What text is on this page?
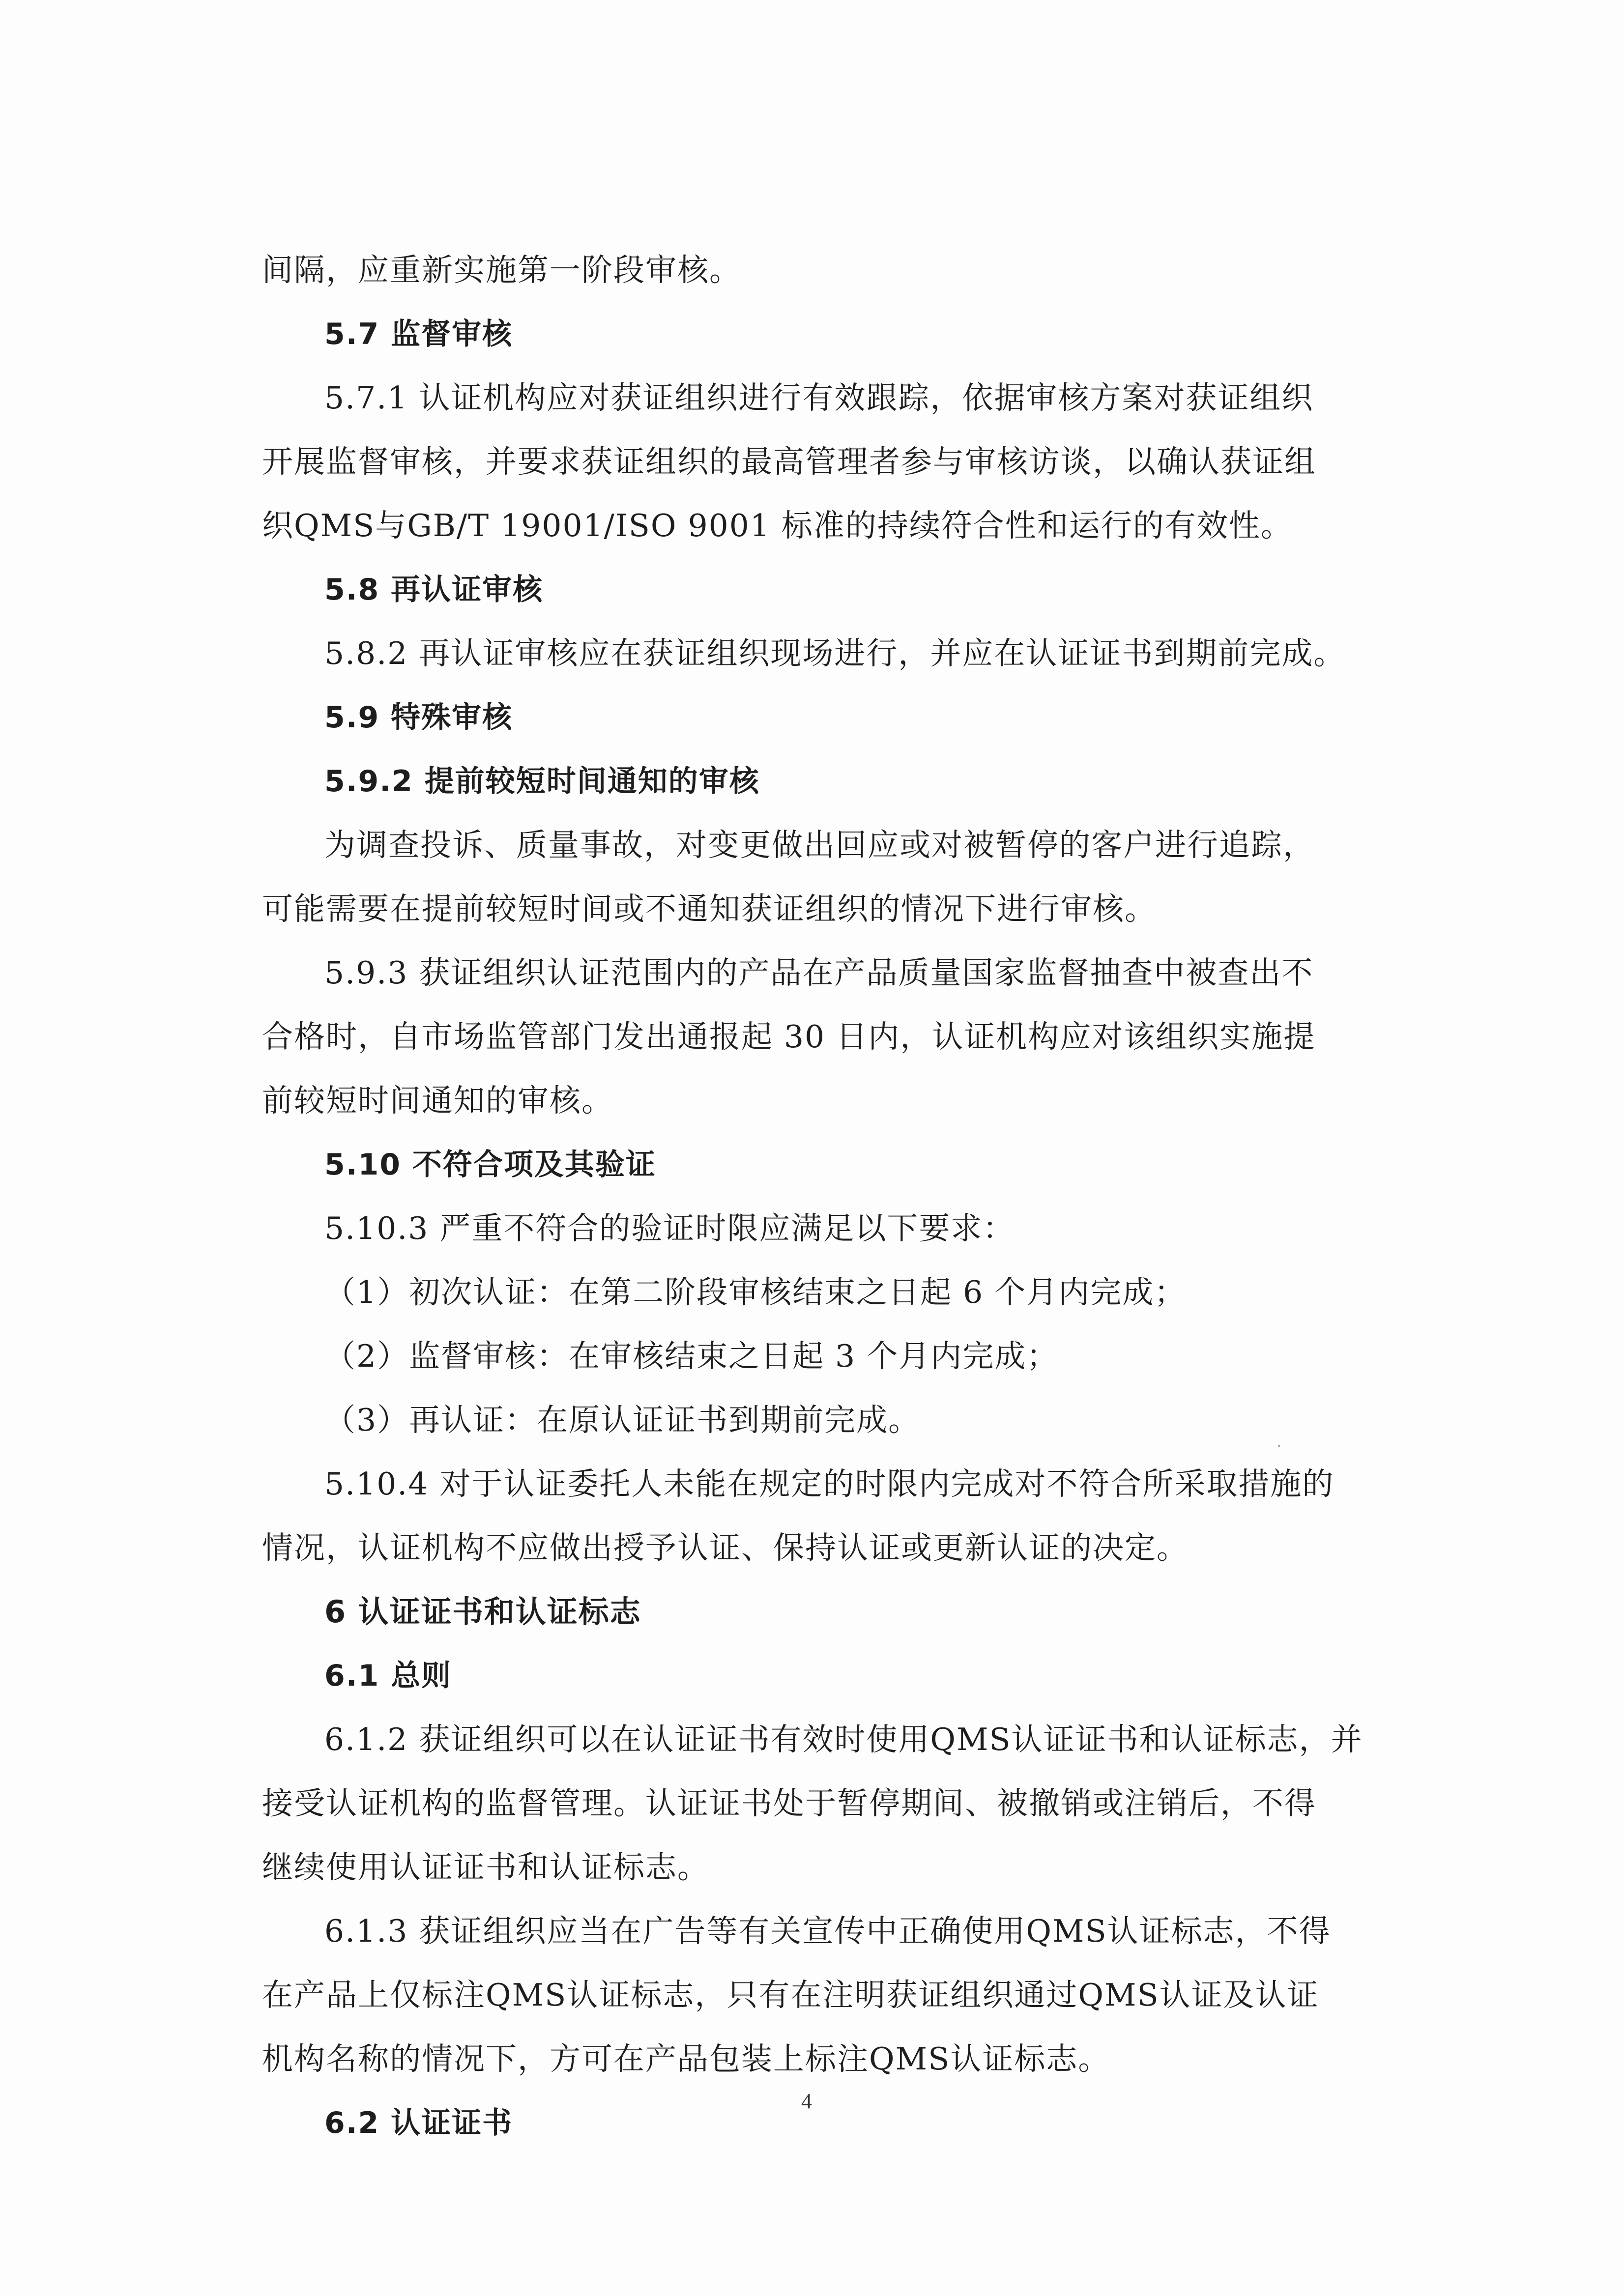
间隔，应重新实施第一阶段审核。
5.7 监督审核
5.7.1 认证机构应对获证组织进行有效跟踪，依据审核方案对获证组织
开展监督审核，并要求获证组织的最高管理者参与审核访谈，以确认获证组
织QMS与GB/T 19001/ISO 9001 标准的持续符合性和运行的有效性。
5.8 再认证审核
5.8.2 再认证审核应在获证组织现场进行，并应在认证证书到期前完成。
5.9 特殊审核
5.9.2 提前较短时间通知的审核
为调查投诉、质量事故，对变更做出回应或对被暂停的客户进行追踪，
可能需要在提前较短时间或不通知获证组织的情况下进行审核。
5.9.3 获证组织认证范围内的产品在产品质量国家监督抽查中被查出不
合格时，自市场监管部门发出通报起 30 日内，认证机构应对该组织实施提
前较短时间通知的审核。
5.10 不符合项及其验证
5.10.3 严重不符合的验证时限应满足以下要求：
（1）初次认证：在第二阶段审核结束之日起 6 个月内完成；
（2）监督审核：在审核结束之日起 3 个月内完成；
（3）再认证：在原认证证书到期前完成。
5.10.4 对于认证委托人未能在规定的时限内完成对不符合所采取措施的
情况，认证机构不应做出授予认证、保持认证或更新认证的决定。
6 认证证书和认证标志
6.1 总则
6.1.2 获证组织可以在认证证书有效时使用QMS认证证书和认证标志，并
接受认证机构的监督管理。认证证书处于暂停期间、被撤销或注销后，不得
继续使用认证证书和认证标志。
6.1.3 获证组织应当在广告等有关宣传中正确使用QMS认证标志，不得
在产品上仅标注QMS认证标志，只有在注明获证组织通过QMS认证及认证
机构名称的情况下，方可在产品包装上标注QMS认证标志。
6.2 认证证书
4
